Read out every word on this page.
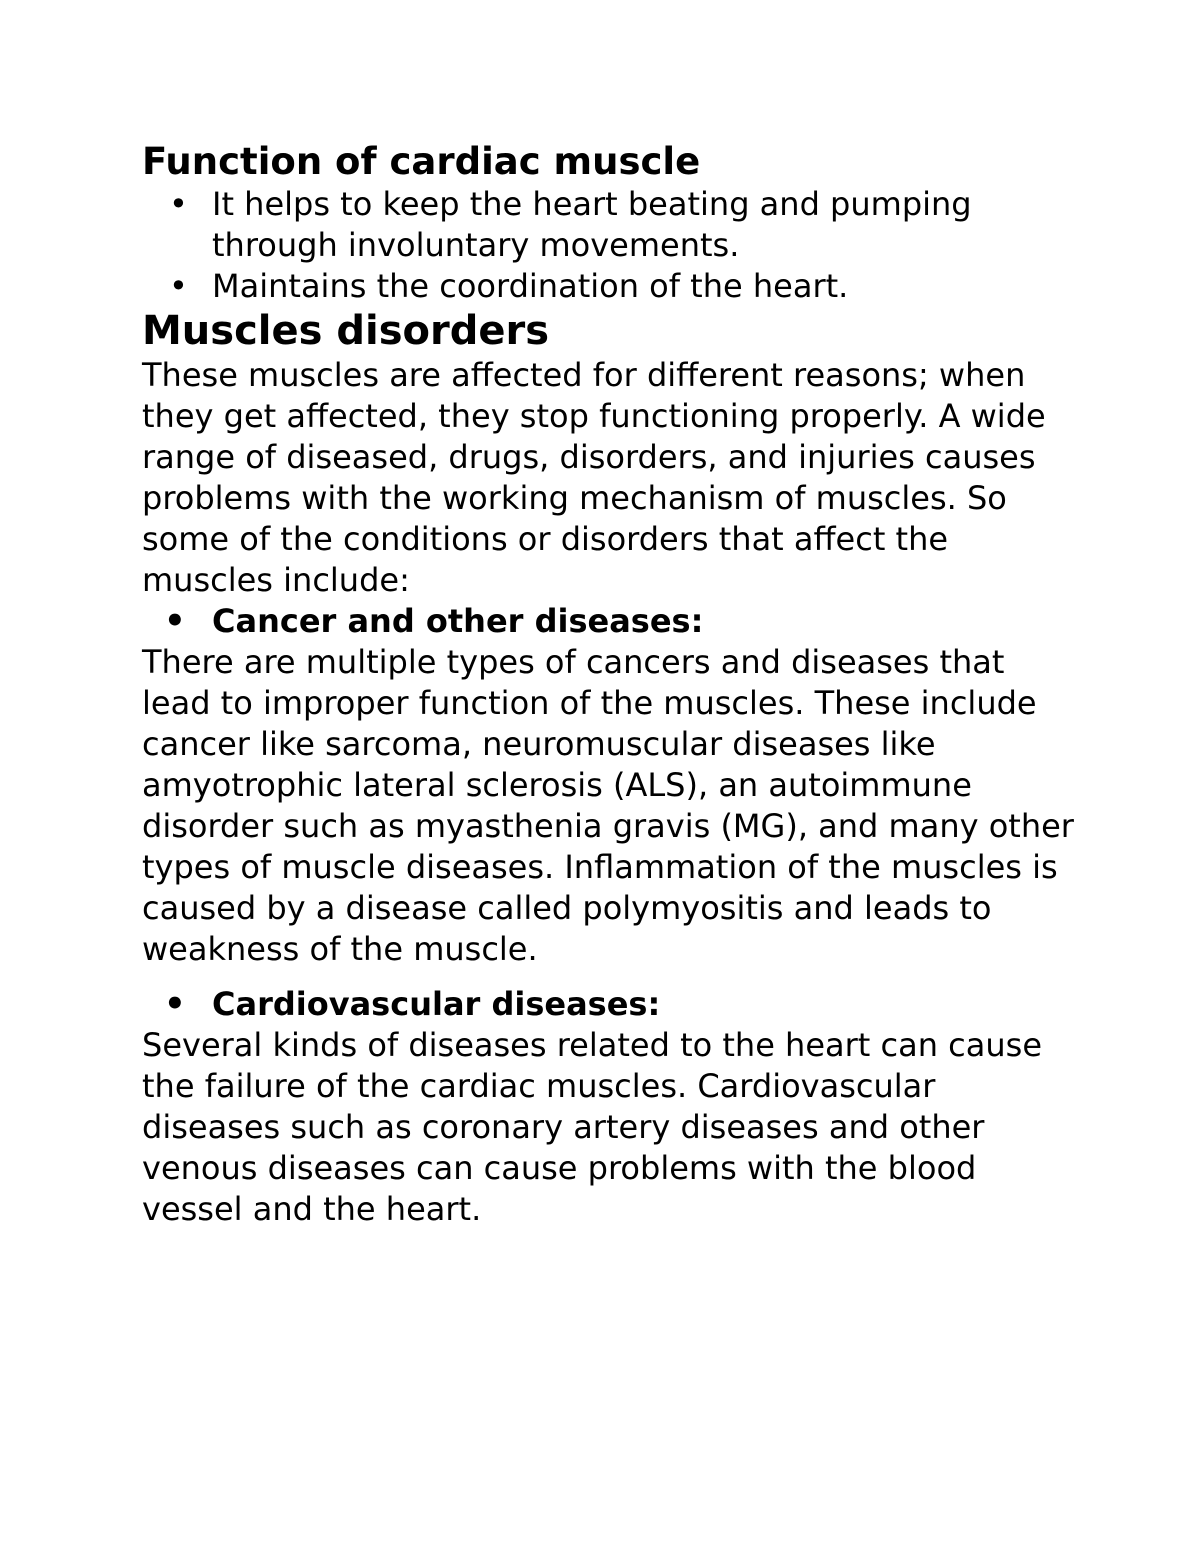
Function of cardiac muscle
• It helps to keep the heart beating and pumping through involuntary movements.
• Maintains the coordination of the heart.
Muscles disorders

These muscles are affected for different reasons; when they get affected, they stop functioning properly. A wide range of diseased, drugs, disorders, and injuries causes problems with the working mechanism of muscles. So some of the conditions or disorders that affect the muscles include:

• Cancer and other diseases:

There are multiple types of cancers and diseases that lead to improper function of the muscles. These include cancer like sarcoma, neuromuscular diseases like amyotrophic lateral sclerosis (ALS), an autoimmune disorder such as myasthenia gravis (MG), and many other types of muscle diseases. Inflammation of the muscles is caused by a disease called polymyositis and leads to weakness of the muscle.

• Cardiovascular diseases:

Several kinds of diseases related to the heart can cause the failure of the cardiac muscles. Cardiovascular diseases such as coronary artery diseases and other venous diseases can cause problems with the blood vessel and the heart.
